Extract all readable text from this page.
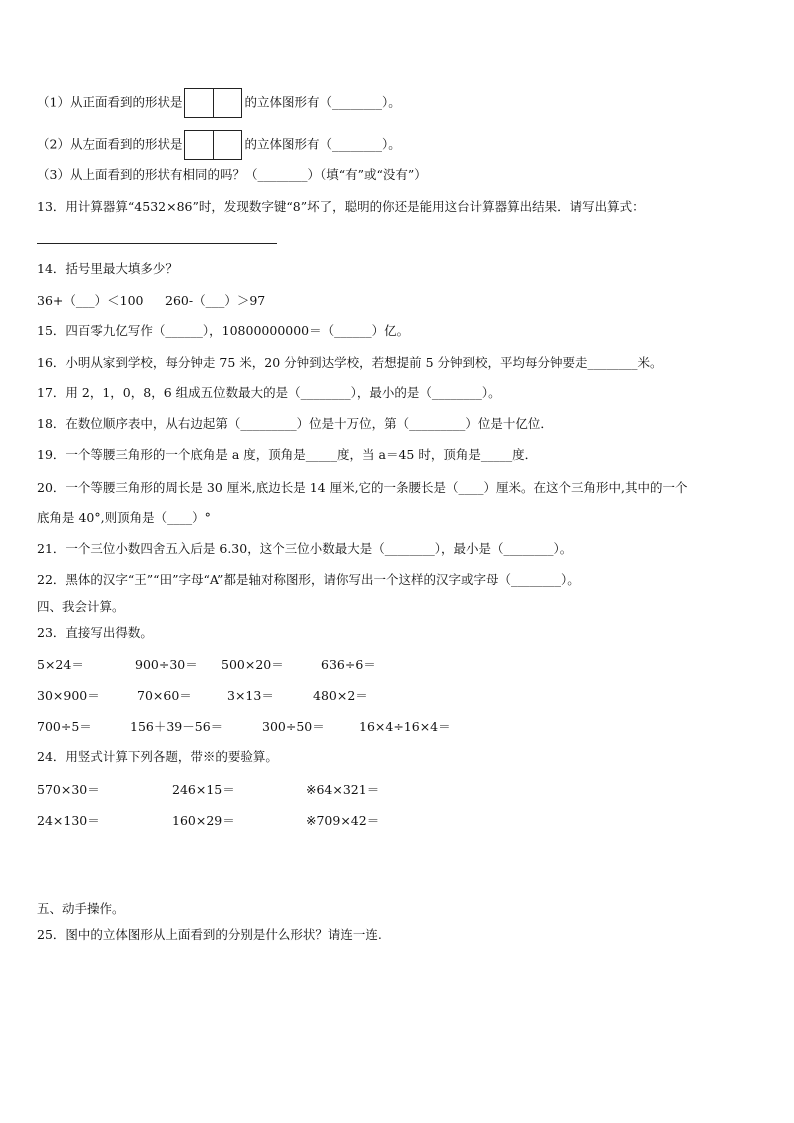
（1）从正面看到的形状是	的立体图形有（________）。
（2）从左面看到的形状是	的立体图形有（________）。
（3）从上面看到的形状有相同的吗？（________）（填“有”或“没有”）
13．用计算器算“4532×86”时，发现数字键“8”坏了，聪明的你还是能用这台计算器算出结果．请写出算式：
14．括号里最大填多少？
36+（___）＜100 260-（___）＞97
15．四百零九亿写作（______），10800000000＝（______）亿。
16．小明从家到学校，每分钟走 75 米，20 分钟到达学校，若想提前 5 分钟到校，平均每分钟要走________米。
17．用 2，1，0，8，6 组成五位数最大的是（________），最小的是（________）。
18．在数位顺序表中，从右边起第（_________）位是十万位，第（_________）位是十亿位．
19．一个等腰三角形的一个底角是 a 度，顶角是_____度，当 a＝45 时，顶角是_____度．
20．一个等腰三角形的周长是 30 厘米,底边长是 14 厘米,它的一条腰长是（____）厘米。在这个三角形中,其中的一个
底角是 40°,则顶角是（____）°
21．一个三位小数四舍五入后是 6.30，这个三位小数最大是（________），最小是（________）。
22．黑体的汉字“王”“田”字母“A”都是轴对称图形，请你写出一个这样的汉字或字母（________）。
四、我会计算。
23．直接写出得数。
5×24＝	900÷30＝ 500×20＝	636÷6＝
30×900＝	70×60＝	3×13＝	480×2＝
700÷5＝	156＋39－56＝	300÷50＝	16×4÷16×4＝
24．用竖式计算下列各题，带※的要验算。
570×30＝	246×15＝	※64×321＝
24×130＝	160×29＝	※709×42＝
五、动手操作。
25．图中的立体图形从上面看到的分别是什么形状？请连一连.
